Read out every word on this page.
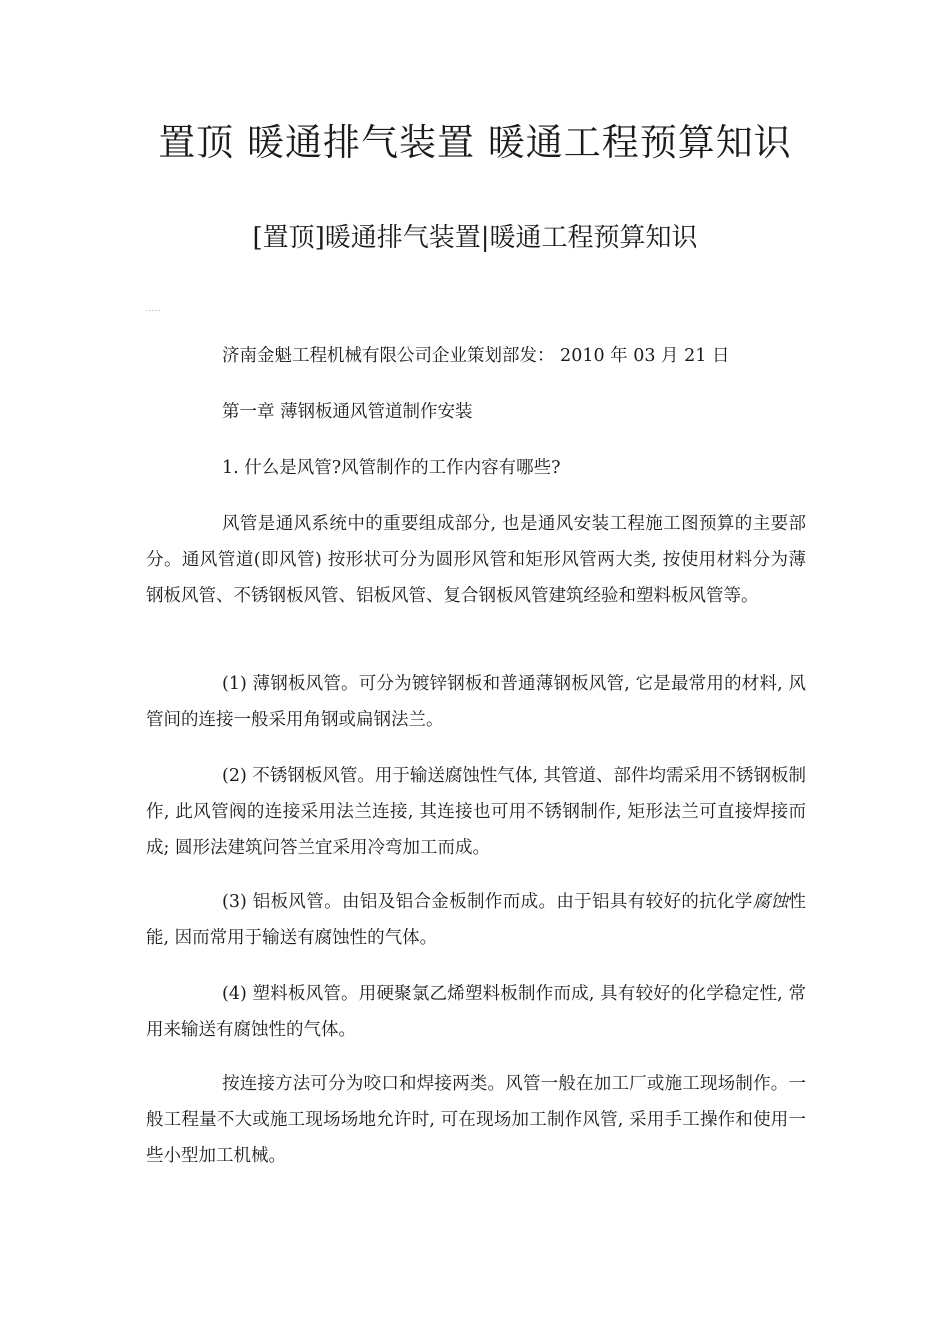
置顶 暖通排气装置 暖通工程预算知识
[置顶]暖通排气装置|暖通工程预算知识
-----

济南金魁工程机械有限公司企业策划部发： 2010 年 03 月 21 日

第一章 薄钢板通风管道制作安装

1. 什么是风管?风管制作的工作内容有哪些?

风管是通风系统中的重要组成部分, 也是通风安装工程施工图预算的主要部分。通风管道(即风管) 按形状可分为圆形风管和矩形风管两大类, 按使用材料分为薄钢板风管、不锈钢板风管、铝板风管、复合钢板风管建筑经验和塑料板风管等。

(1) 薄钢板风管。可分为镀锌钢板和普通薄钢板风管, 它是最常用的材料, 风管间的连接一般采用角钢或扁钢法兰。

(2) 不锈钢板风管。用于输送腐蚀性气体, 其管道、部件均需采用不锈钢板制作, 此风管阀的连接采用法兰连接, 其连接也可用不锈钢制作, 矩形法兰可直接焊接而成; 圆形法建筑问答兰宜采用冷弯加工而成。

(3) 铝板风管。由铝及铝合金板制作而成。由于铝具有较好的抗化学腐蚀性能, 因而常用于输送有腐蚀性的气体。

(4) 塑料板风管。用硬聚氯乙烯塑料板制作而成, 具有较好的化学稳定性, 常用来输送有腐蚀性的气体。

按连接方法可分为咬口和焊接两类。风管一般在加工厂或施工现场制作。一般工程量不大或施工现场场地允许时, 可在现场加工制作风管, 采用手工操作和使用一些小型加工机械。
